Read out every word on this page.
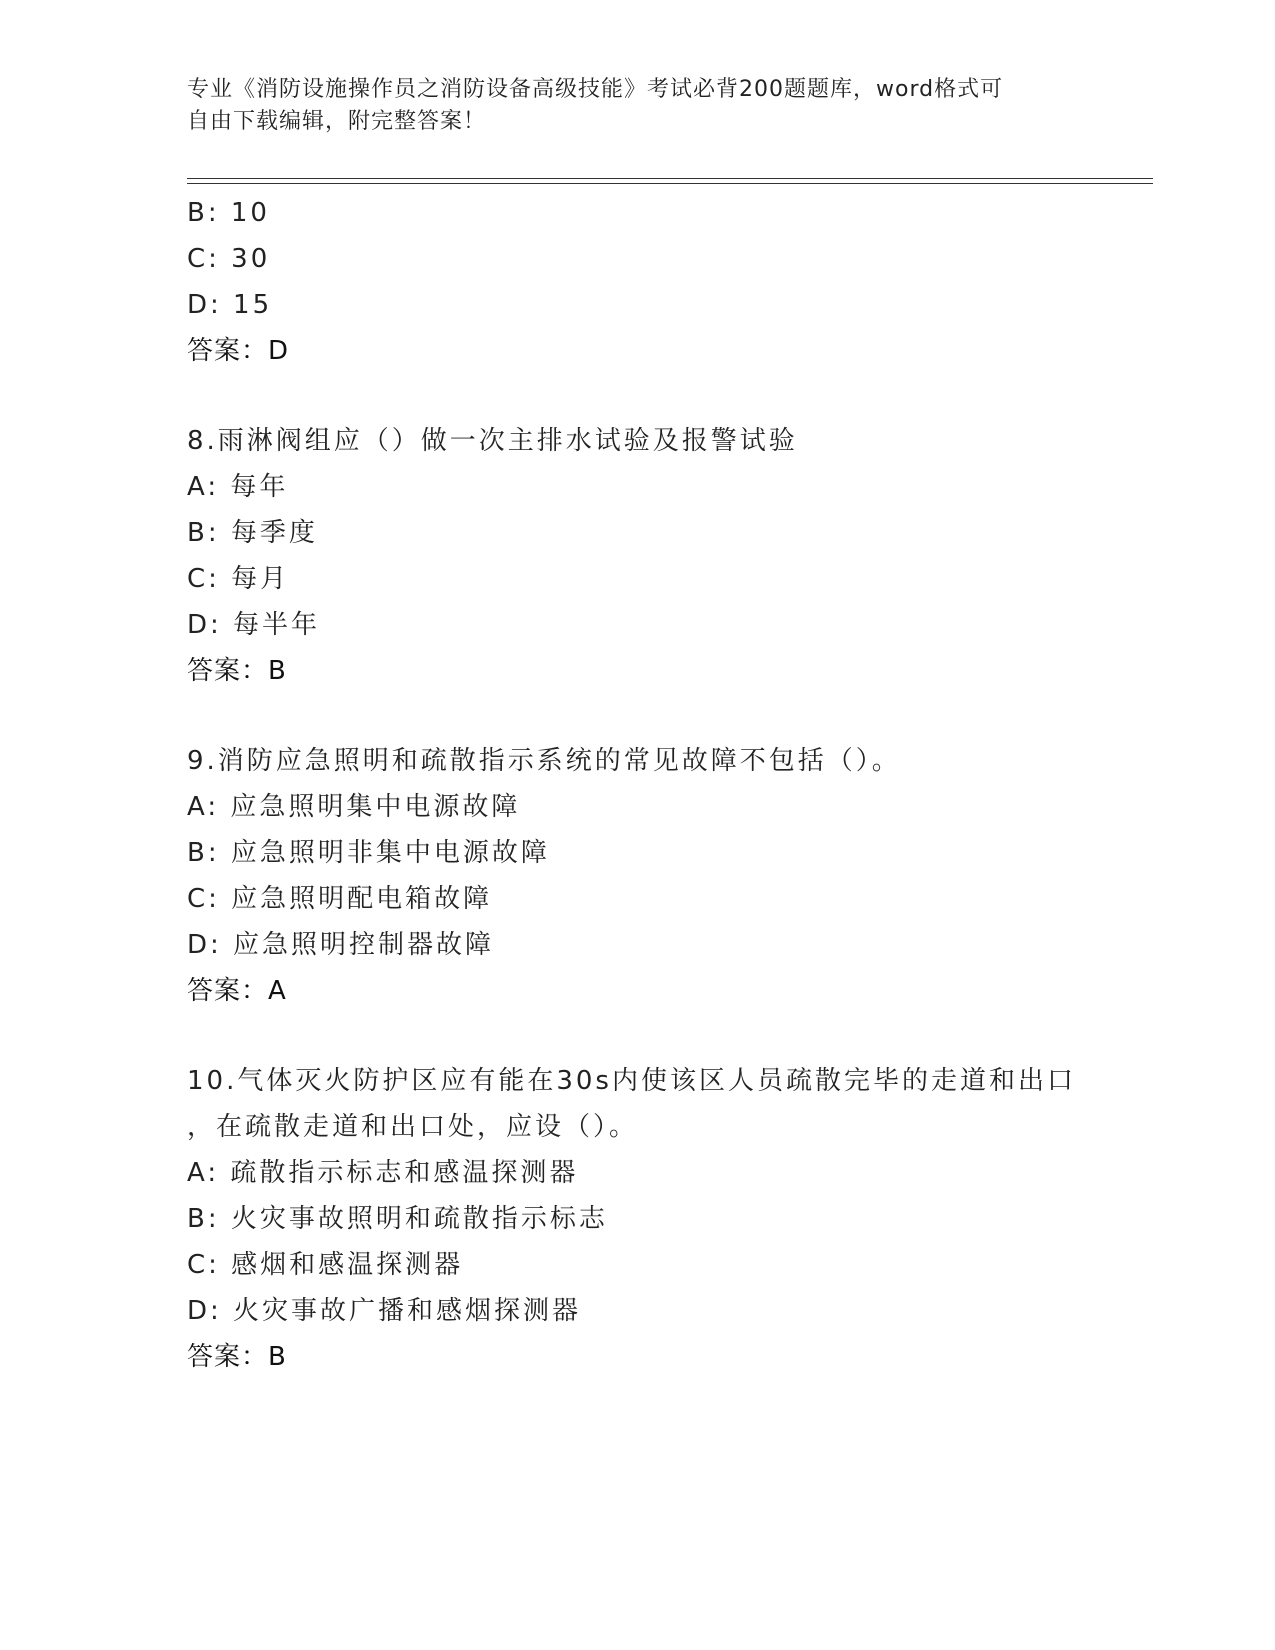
专业《消防设施操作员之消防设备高级技能》考试必背200题题库，word格式可
自由下载编辑，附完整答案！
B: 10
C: 30
D: 15
答案：D
8.雨淋阀组应（）做一次主排水试验及报警试验
A: 每年
B: 每季度
C: 每月
D: 每半年
答案：B
9.消防应急照明和疏散指示系统的常见故障不包括（）。
A: 应急照明集中电源故障
B: 应急照明非集中电源故障
C: 应急照明配电箱故障
D: 应急照明控制器故障
答案：A
10.气体灭火防护区应有能在30s内使该区人员疏散完毕的走道和出口
，在疏散走道和出口处，应设（）。
A: 疏散指示标志和感温探测器
B: 火灾事故照明和疏散指示标志
C: 感烟和感温探测器
D: 火灾事故广播和感烟探测器
答案：B
